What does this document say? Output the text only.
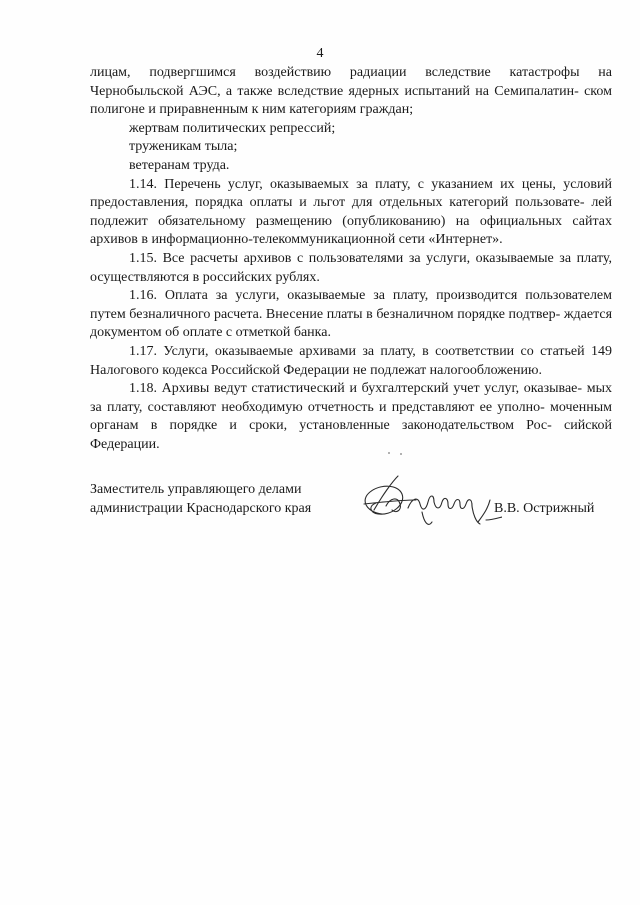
4

лицам, подвергшимся воздействию радиации вследствие катастрофы на Чернобыльской АЭС, а также вследствие ядерных испытаний на Семипалатин- ском полигоне и приравненным к ним категориям граждан;

жертвам политических репрессий;

труженикам тыла;

ветеранам труда.

1.14. Перечень услуг, оказываемых за плату, с указанием их цены, условий предоставления, порядка оплаты и льгот для отдельных категорий пользовате- лей подлежит обязательному размещению (опубликованию) на официальных сайтах архивов в информационно-телекоммуникационной сети «Интернет».

1.15. Все расчеты архивов с пользователями за услуги, оказываемые за плату, осуществляются в российских рублях.

1.16. Оплата за услуги, оказываемые за плату, производится пользователем путем безналичного расчета. Внесение платы в безналичном порядке подтвер- ждается документом об оплате с отметкой банка.

1.17. Услуги, оказываемые архивами за плату, в соответствии со статьей 149 Налогового кодекса Российской Федерации не подлежат налогообложению.

1.18. Архивы ведут статистический и бухгалтерский учет услуг, оказывае- мых за плату, составляют необходимую отчетность и представляют ее уполно- моченным органам в порядке и сроки, установленные законодательством Рос- сийской Федерации.

Заместитель управляющего делами
администрации Краснодарского края	В.В. Острижный
